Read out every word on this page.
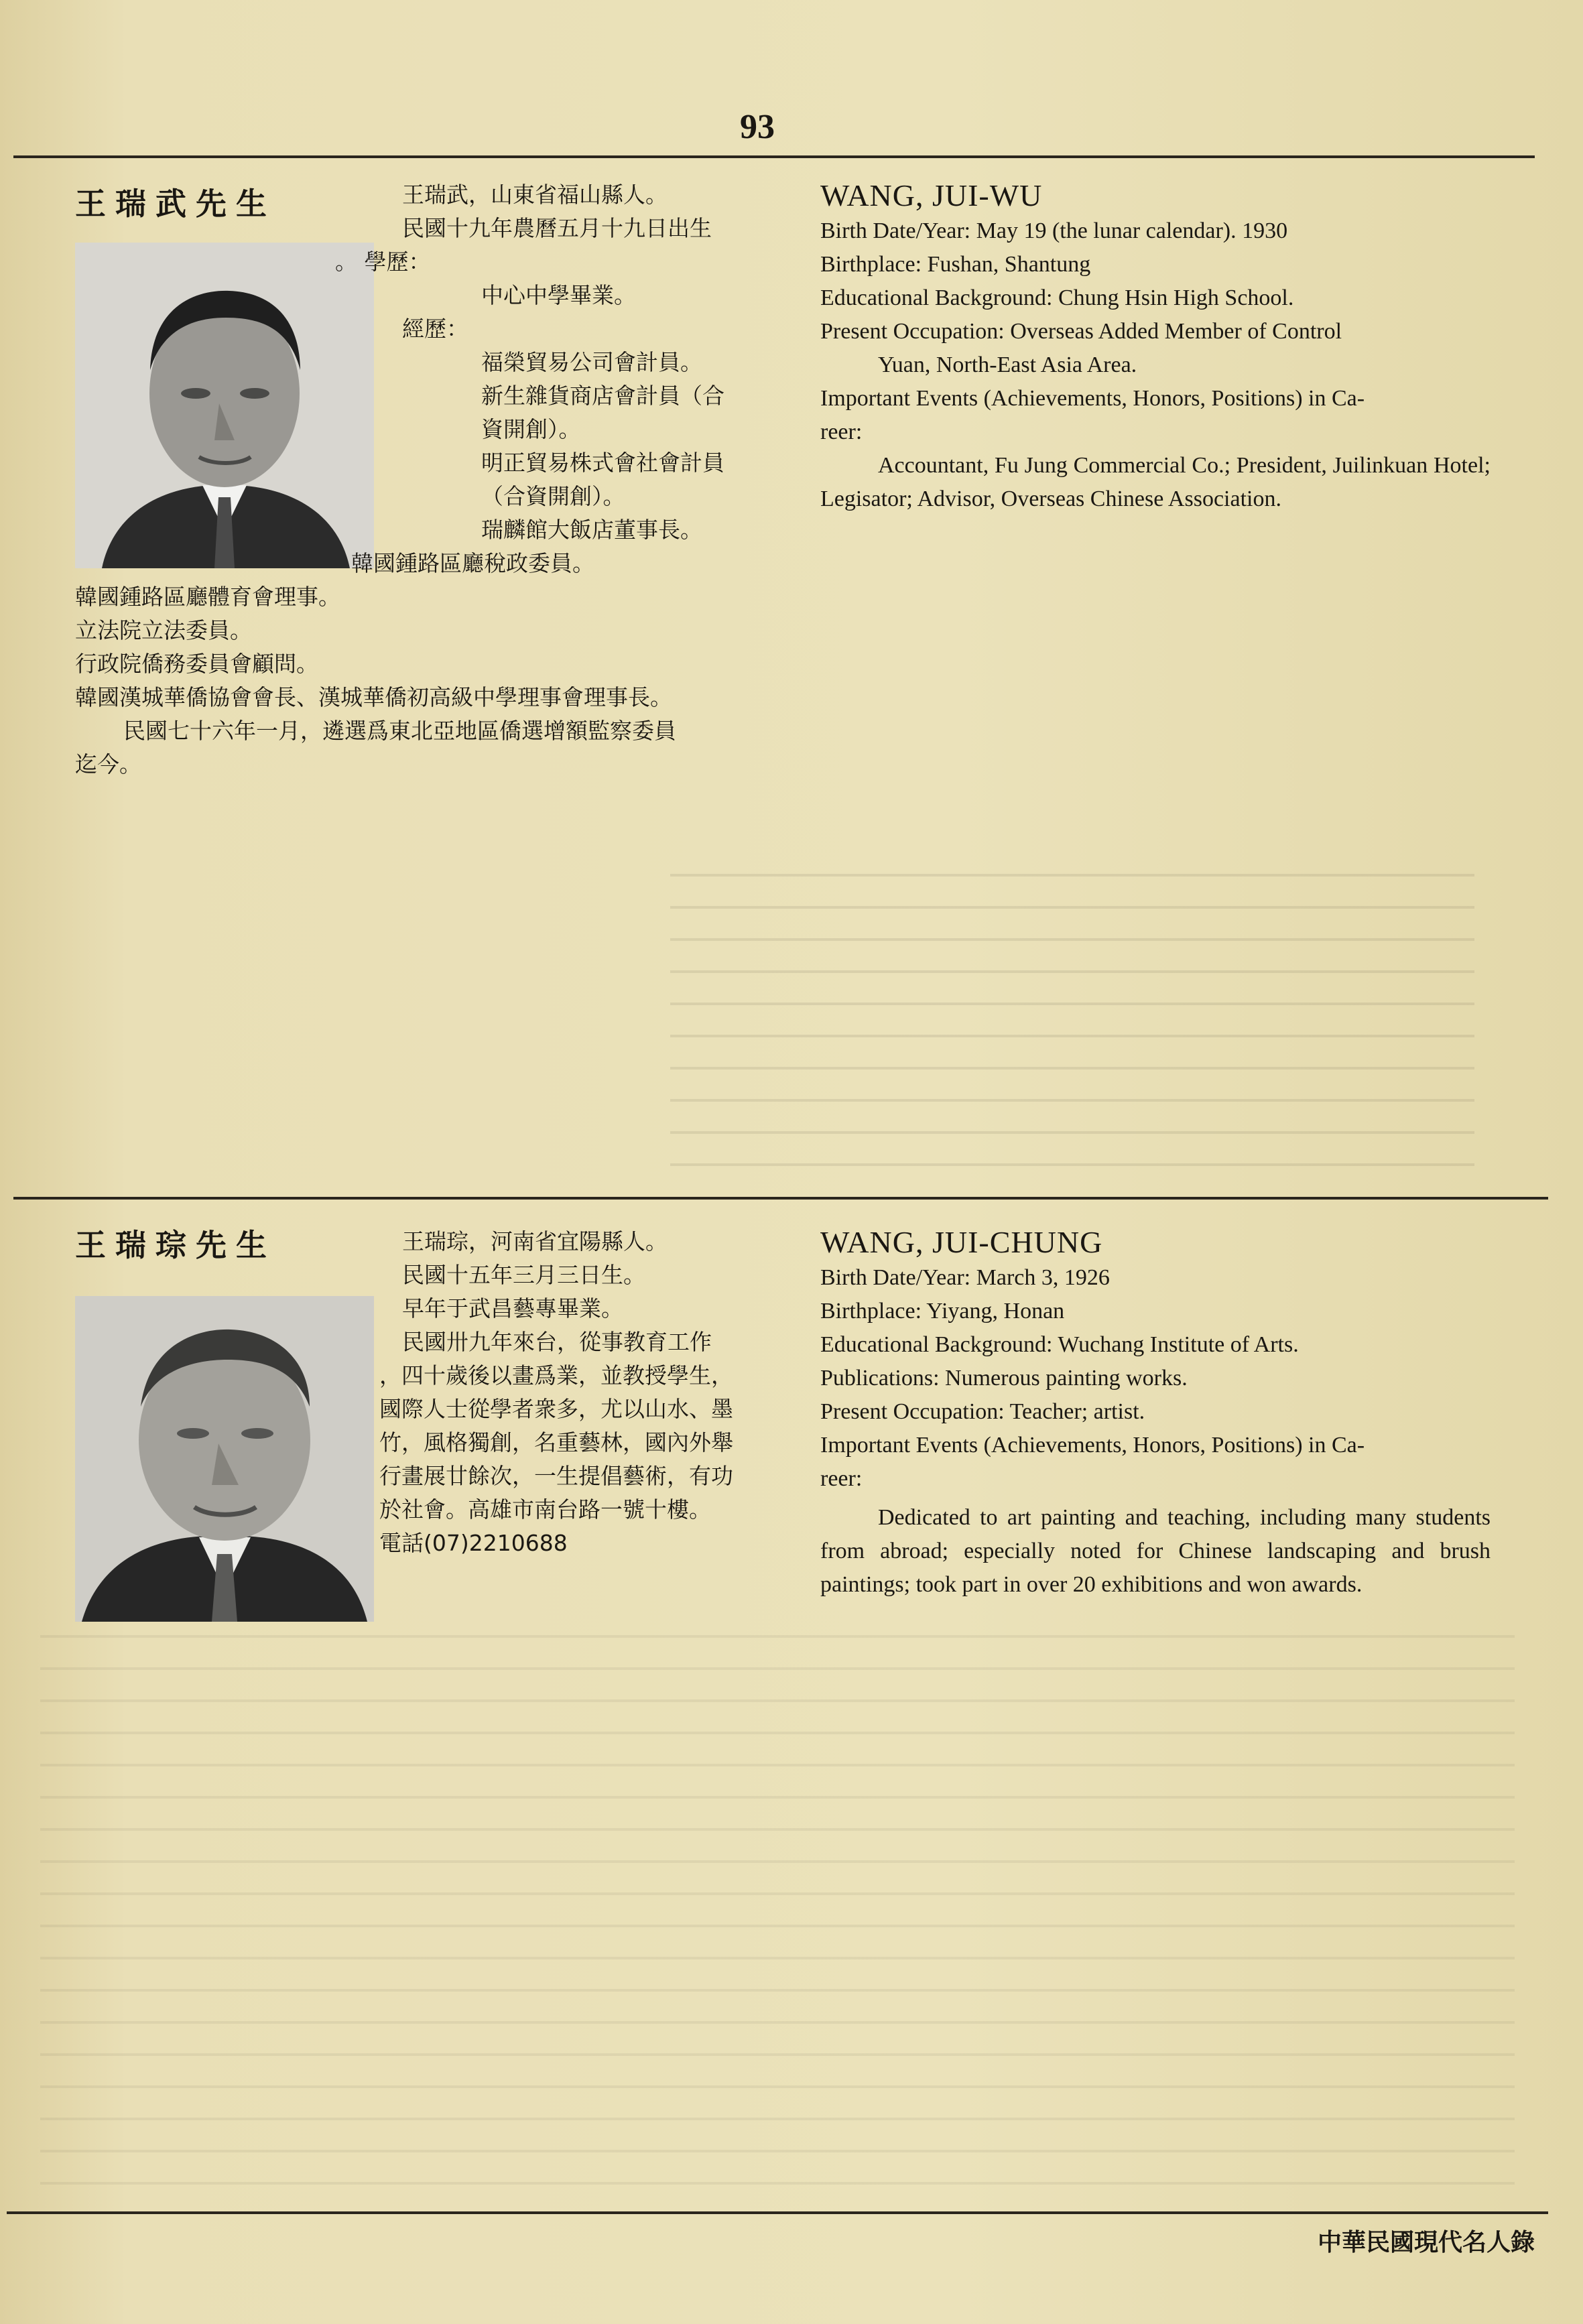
93
王瑞武先生	王瑞武，山東省福山縣人。
民國十九年農曆五月十九日出生
。 學歷：
中心中學畢業。
經歷：
福榮貿易公司會計員。
新生雜貨商店會計員（合
資開創）。
明正貿易株式會社會計員
（合資開創）。
瑞麟館大飯店董事長。
韓國鍾路區廳稅政委員。
韓國鍾路區廳體育會理事。
立法院立法委員。
行政院僑務委員會顧問。
韓國漢城華僑協會會長、漢城華僑初高級中學理事會理事長。
民國七十六年一月，遴選爲東北亞地區僑選增額監察委員
迄今。
WANG, JUI-WU
Birth Date/Year: May 19 (the lunar calendar). 1930
Birthplace: Fushan, Shantung
Educational Background: Chung Hsin High School.
Present Occupation: Overseas Added Member of Control
Yuan, North-East Asia Area.
Important Events (Achievements, Honors, Positions) in Ca-
reer:
Accountant, Fu Jung Commercial Co.; President, Juilinkuan Hotel; Legisator; Advisor, Overseas Chinese Association.
王瑞琮先生	王瑞琮，河南省宜陽縣人。
民國十五年三月三日生。
早年于武昌藝專畢業。
民國卅九年來台，從事教育工作
，四十歲後以畫爲業，並教授學生，
國際人士從學者衆多，尤以山水、墨
竹，風格獨創，名重藝林，國內外舉
行畫展廿餘次，一生提倡藝術，有功
於社會。高雄市南台路一號十樓。
電話(07)2210688
WANG, JUI-CHUNG
Birth Date/Year: March 3, 1926
Birthplace: Yiyang, Honan
Educational Background: Wuchang Institute of Arts.
Publications: Numerous painting works.
Present Occupation: Teacher; artist.
Important Events (Achievements, Honors, Positions) in Ca-
reer:
Dedicated to art painting and teaching, including many students from abroad; especially noted for Chinese landscaping and brush paintings; took part in over 20 exhibitions and won awards.
中華民國現代名人錄
